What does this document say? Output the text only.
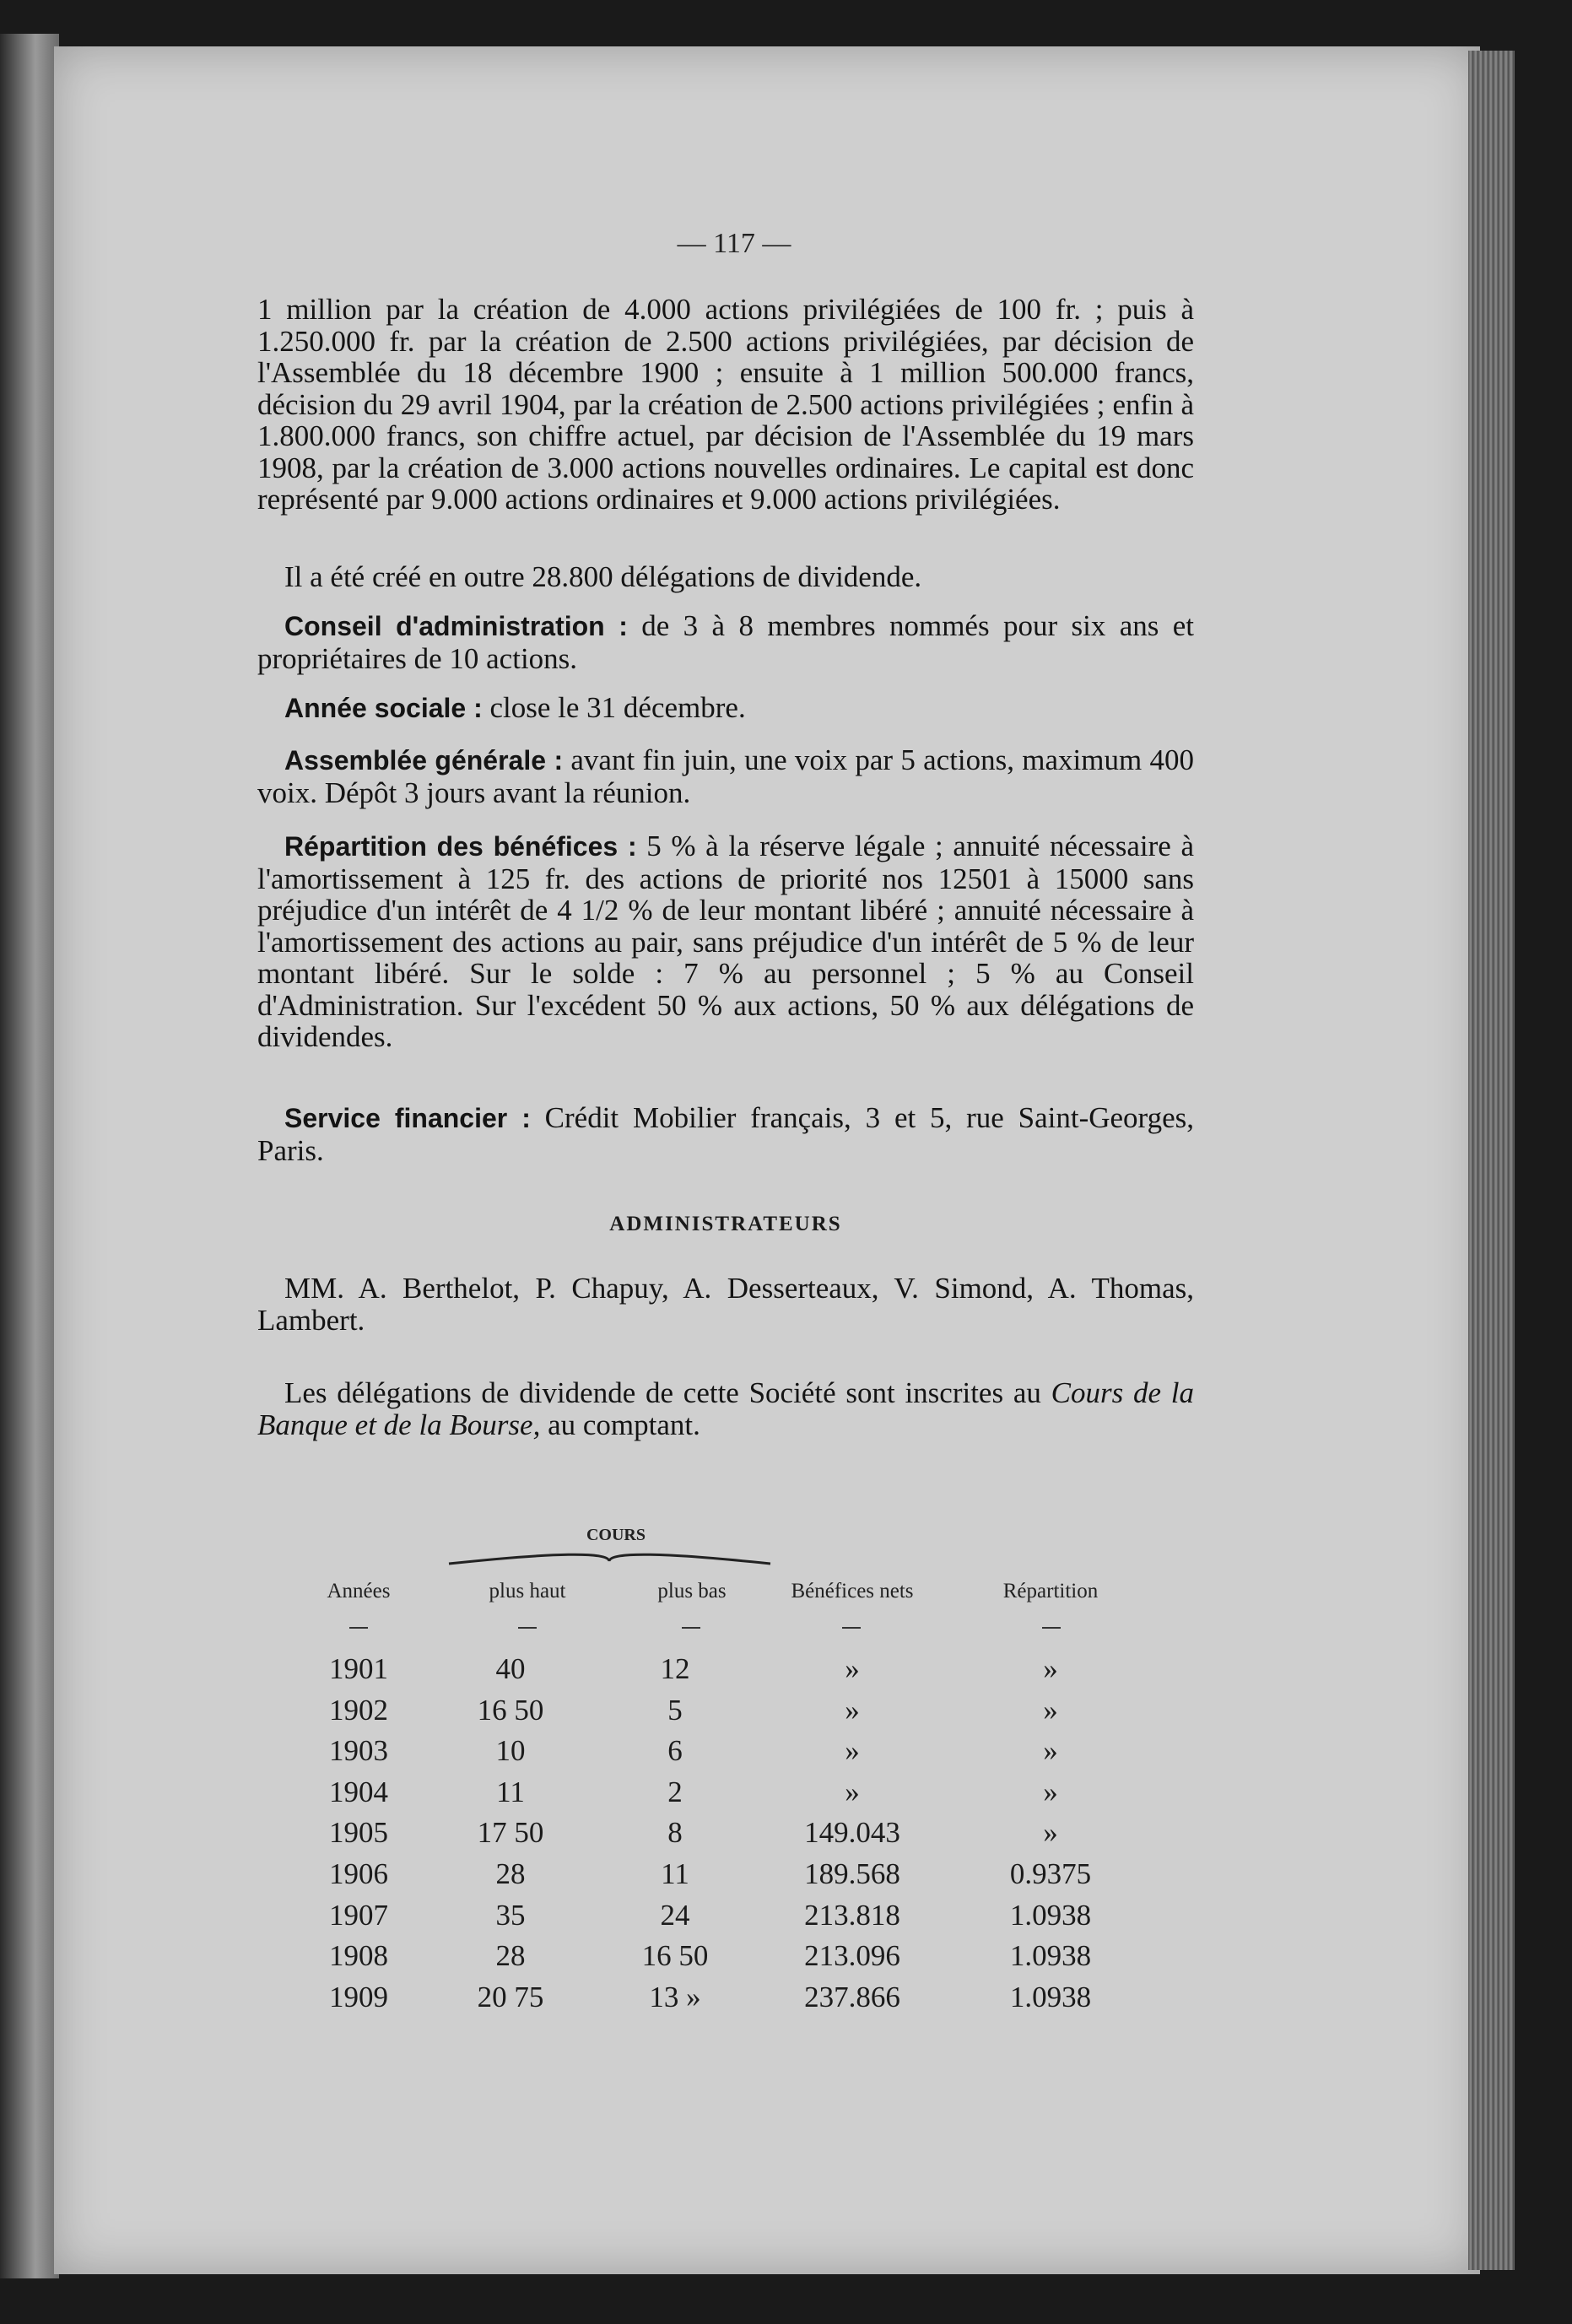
— 117 —

1 million par la création de 4.000 actions privilégiées de 100 fr. ; puis à 1.250.000 fr. par la création de 2.500 actions privilégiées, par décision de l'Assemblée du 18 décembre 1900 ; ensuite à 1 million 500.000 francs, décision du 29 avril 1904, par la création de 2.500 actions privilégiées ; enfin à 1.800.000 francs, son chiffre actuel, par décision de l'Assemblée du 19 mars 1908, par la création de 3.000 actions nouvelles ordinaires. Le capital est donc représenté par 9.000 actions ordinaires et 9.000 actions privilégiées.

Il a été créé en outre 28.800 délégations de dividende.

Conseil d'administration : de 3 à 8 membres nommés pour six ans et propriétaires de 10 actions.

Année sociale : close le 31 décembre.

Assemblée générale : avant fin juin, une voix par 5 actions, maximum 400 voix. Dépôt 3 jours avant la réunion.

Répartition des bénéfices : 5 % à la réserve légale ; annuité nécessaire à l'amortissement à 125 fr. des actions de priorité nos 12501 à 15000 sans préjudice d'un intérêt de 4 1/2 % de leur montant libéré ; annuité nécessaire à l'amortissement des actions au pair, sans préjudice d'un intérêt de 5 % de leur montant libéré. Sur le solde : 7 % au personnel ; 5 % au Conseil d'Administration. Sur l'excédent 50 % aux actions, 50 % aux délégations de dividendes.

Service financier : Crédit Mobilier français, 3 et 5, rue Saint-Georges, Paris.

ADMINISTRATEURS

MM. A. Berthelot, P. Chapuy, A. Desserteaux, V. Simond, A. Thomas, Lambert.

Les délégations de dividende de cette Société sont inscrites au Cours de la Banque et de la Bourse, au comptant.

COURS
Années	plus haut	plus bas	Bénéfices nets	Répartition
1901	40	12	»	»
1902	16 50	5	»	»
1903	10	6	»	»
1904	11	2	»	»
1905	17 50	8	149.043	»
1906	28	11	189.568	0.9375
1907	35	24	213.818	1.0938
1908	28	16 50	213.096	1.0938
1909	20 75	13 »	237.866	1.0938
